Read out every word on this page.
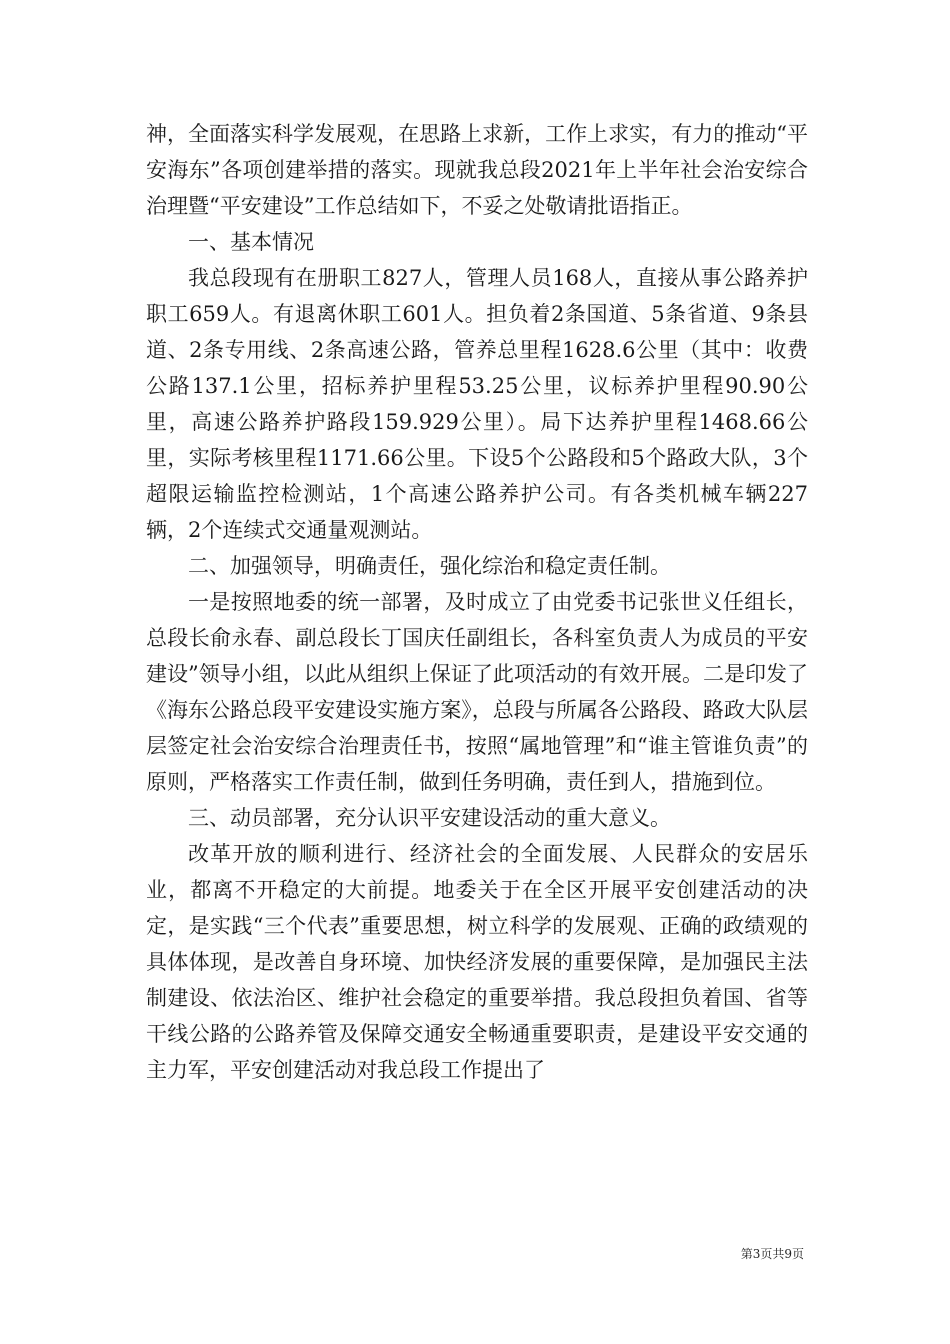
神，全面落实科学发展观，在思路上求新，工作上求实，有力的推动“平安海东”各项创建举措的落实。现就我总段2021年上半年社会治安综合治理暨“平安建设”工作总结如下，不妥之处敬请批语指正。

一、基本情况

我总段现有在册职工827人，管理人员168人，直接从事公路养护职工659人。有退离休职工601人。担负着2条国道、5条省道、9条县道、2条专用线、2条高速公路，管养总里程1628.6公里（其中：收费公路137.1公里，招标养护里程53.25公里，议标养护里程90.90公里，高速公路养护路段159.929公里）。局下达养护里程1468.66公里，实际考核里程1171.66公里。下设5个公路段和5个路政大队，3个超限运输监控检测站，1个高速公路养护公司。有各类机械车辆227辆，2个连续式交通量观测站。

二、加强领导，明确责任，强化综治和稳定责任制。

一是按照地委的统一部署，及时成立了由党委书记张世义任组长，总段长俞永春、副总段长丁国庆任副组长，各科室负责人为成员的平安建设”领导小组，以此从组织上保证了此项活动的有效开展。二是印发了《海东公路总段平安建设实施方案》，总段与所属各公路段、路政大队层层签定社会治安综合治理责任书，按照“属地管理”和“谁主管谁负责”的原则，严格落实工作责任制，做到任务明确，责任到人，措施到位。

三、动员部署，充分认识平安建设活动的重大意义。

改革开放的顺利进行、经济社会的全面发展、人民群众的安居乐业，都离不开稳定的大前提。地委关于在全区开展平安创建活动的决定，是实践“三个代表”重要思想，树立科学的发展观、正确的政绩观的具体体现，是改善自身环境、加快经济发展的重要保障，是加强民主法制建设、依法治区、维护社会稳定的重要举措。我总段担负着国、省等干线公路的公路养管及保障交通安全畅通重要职责，是建设平安交通的主力军，平安创建活动对我总段工作提出了

第3页共9页
